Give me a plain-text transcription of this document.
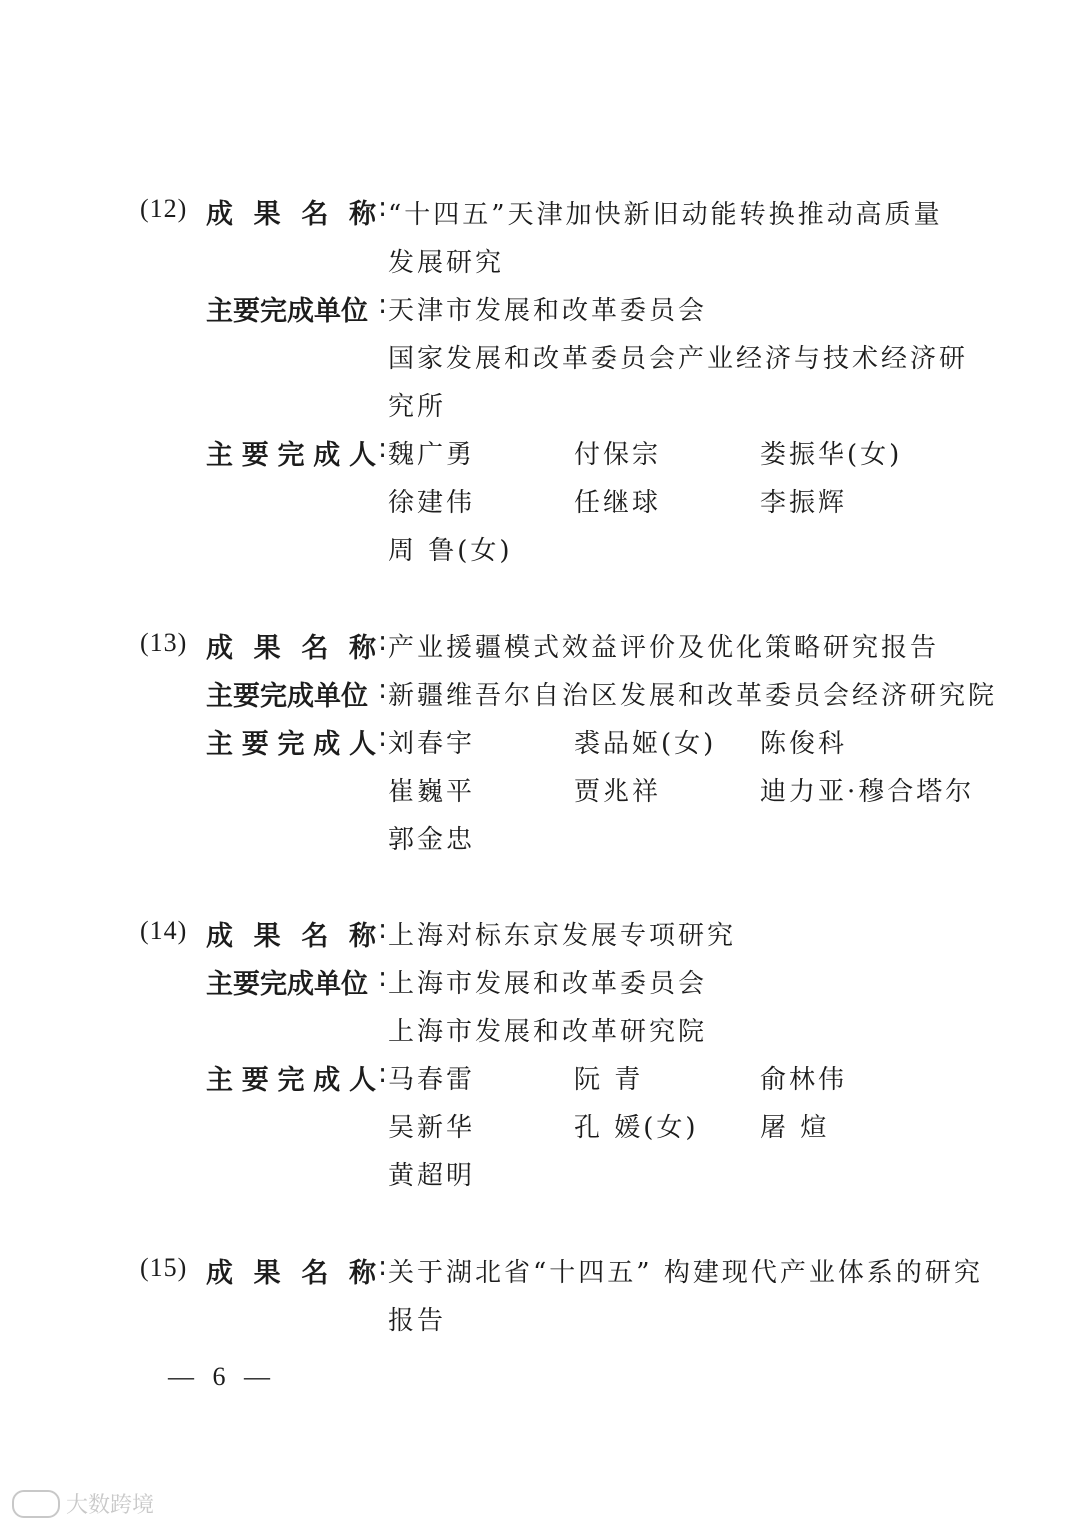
(12) 成 果 名 称 : “十四五”天津加快新旧动能转换推动高质量
发展研究
主要完成单位 : 天津市发展和改革委员会
国家发展和改革委员会产业经济与技术经济研
究所
主 要 完 成 人 : 魏广勇	付保宗	娄振华(女)
徐建伟	任继球	李振辉
周 鲁(女)
(13) 成 果 名 称 : 产业援疆模式效益评价及优化策略研究报告
主要完成单位 : 新疆维吾尔自治区发展和改革委员会经济研究院
主 要 完 成 人 : 刘春宇	裘品姬(女) 陈俊科
崔巍平	贾兆祥	迪力亚·穆合塔尔
郭金忠
(14) 成 果 名 称 : 上海对标东京发展专项研究
主要完成单位 : 上海市发展和改革委员会
上海市发展和改革研究院
主 要 完 成 人 : 马春雷	阮 青	俞林伟
吴新华	孔 媛(女) 屠 煊
黄超明
(15) 成 果 名 称 : 关于湖北省“十四五” 构建现代产业体系的研究
报告
— 6 —
大数跨境
